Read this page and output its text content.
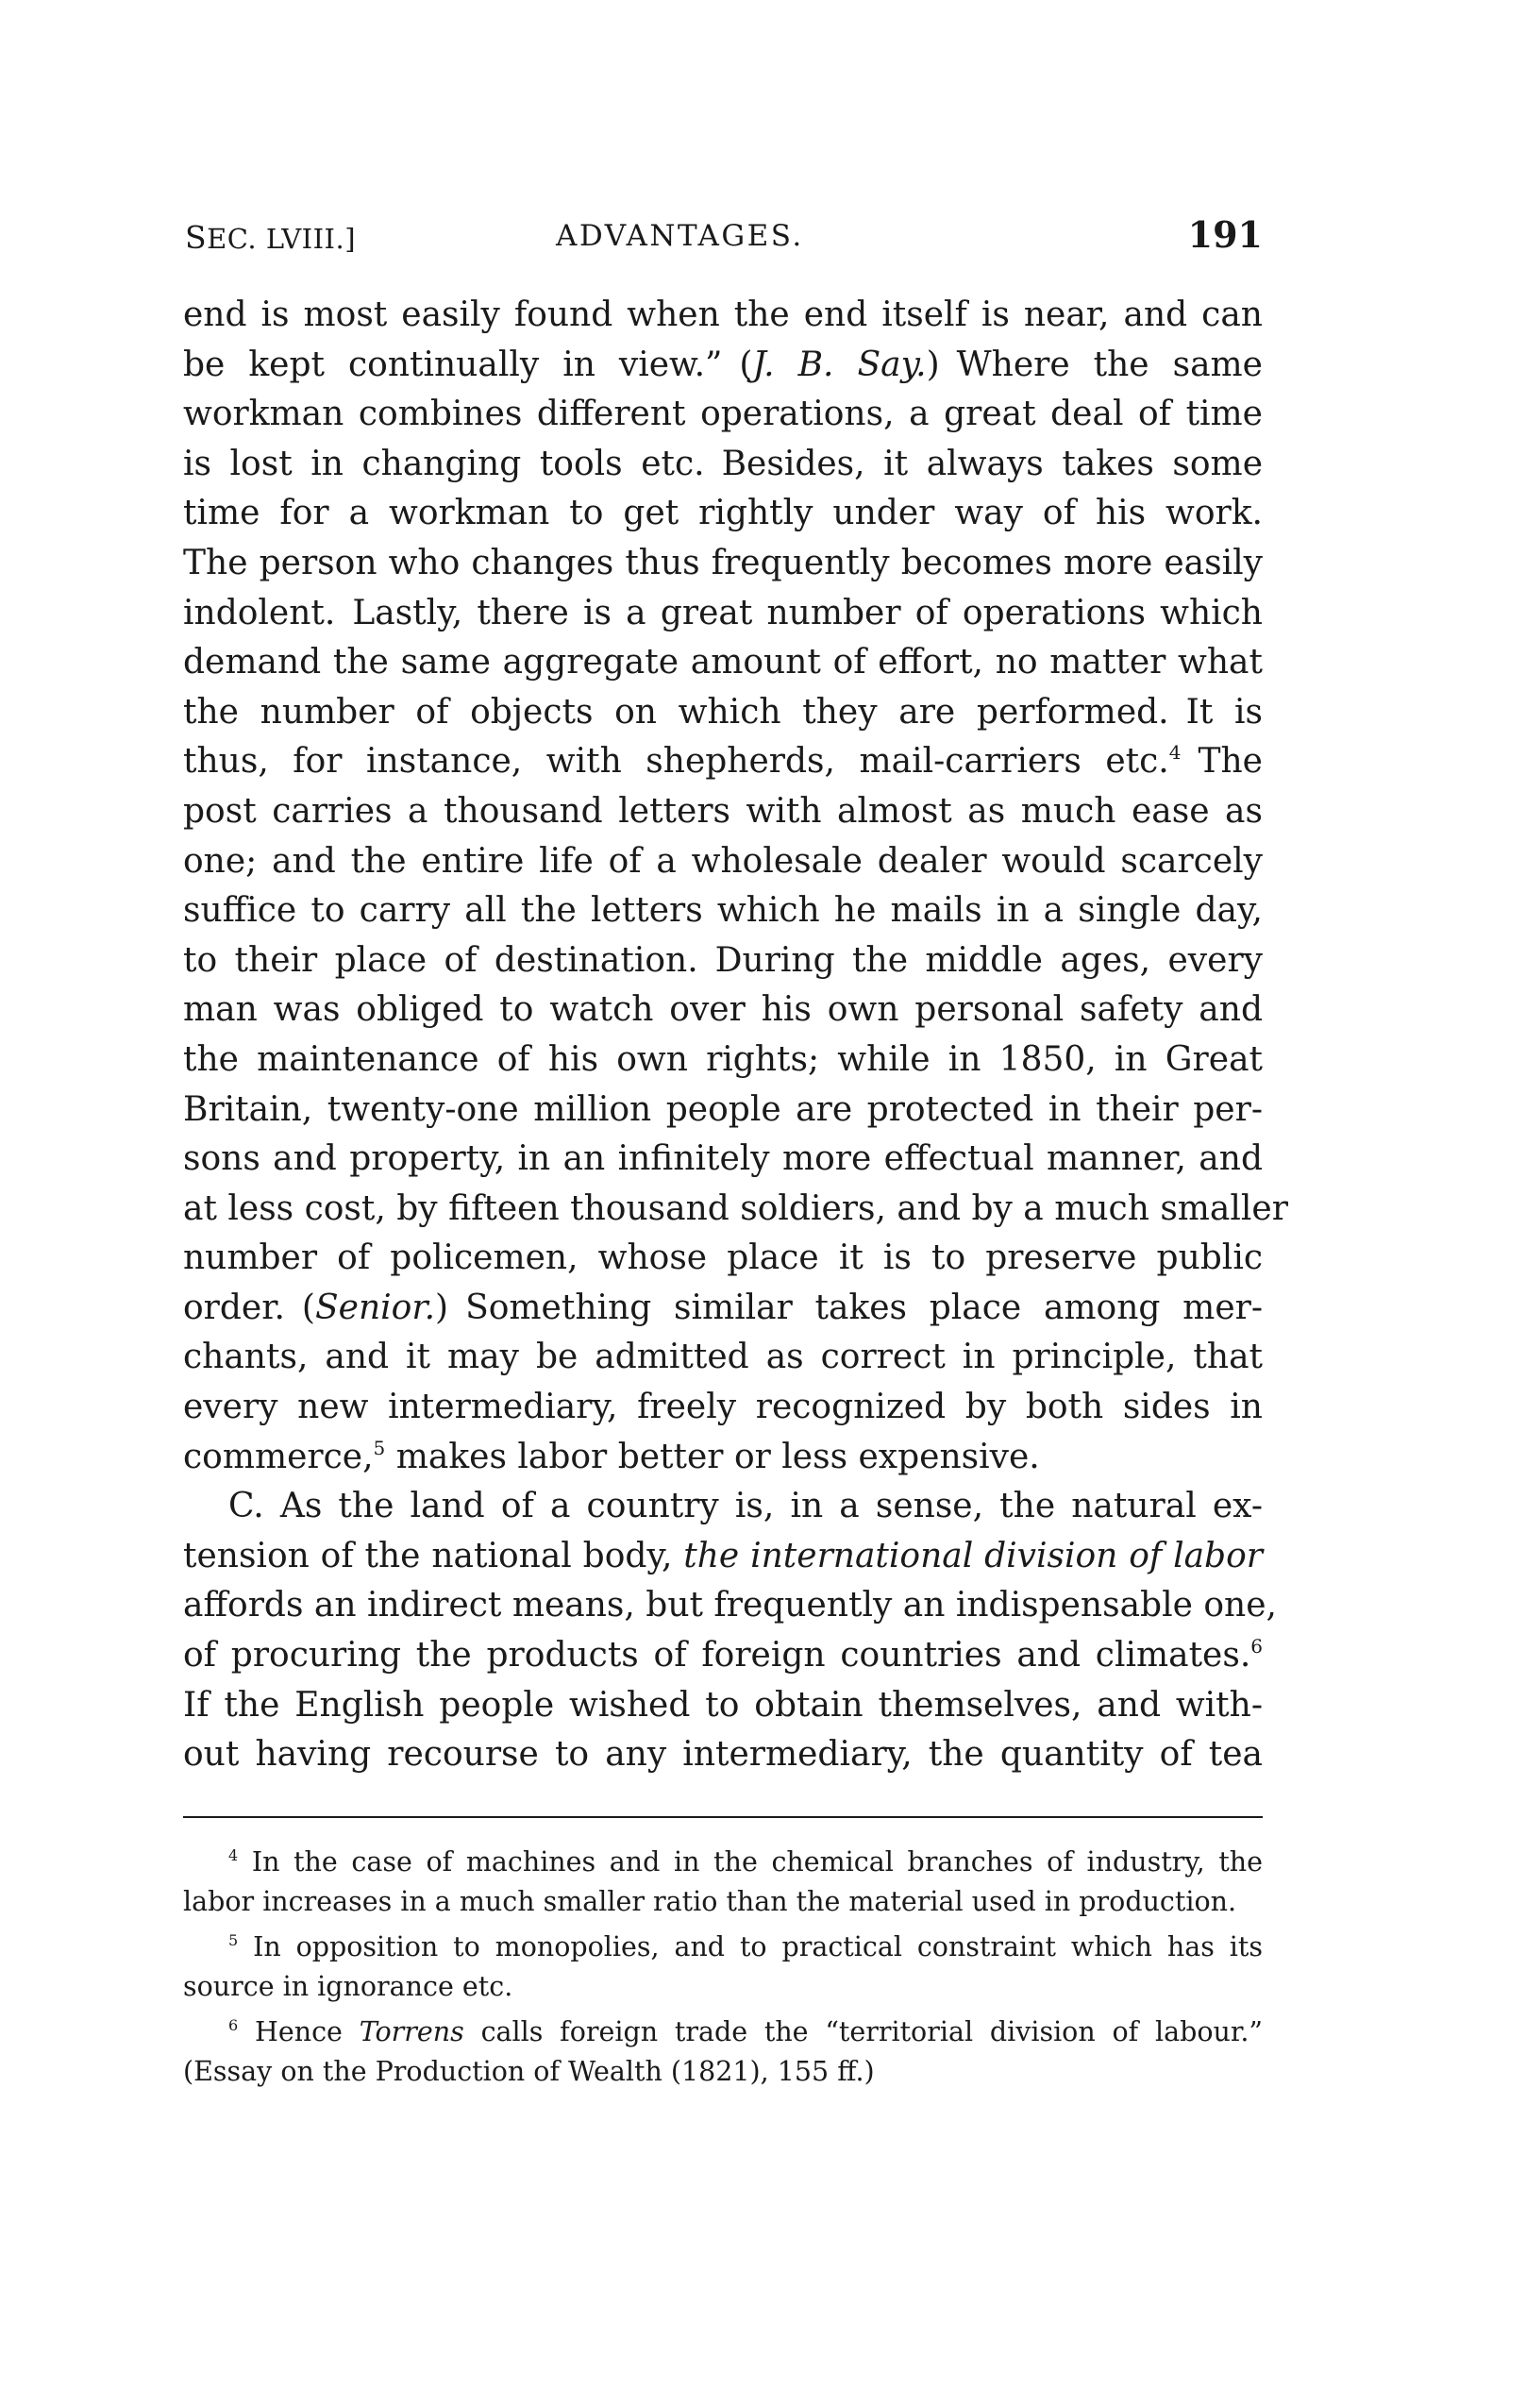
SEC. LVIII.]	ADVANTAGES.	191
end is most easily found when the end itself is near, and can
be kept continually in view.” (J. B. Say.) Where the same
workman combines different operations, a great deal of time
is lost in changing tools etc. Besides, it always takes some
time for a workman to get rightly under way of his work.
The person who changes thus frequently becomes more easily
indolent. Lastly, there is a great number of operations which
demand the same aggregate amount of effort, no matter what
the number of objects on which they are performed. It is
thus, for instance, with shepherds, mail-carriers etc.$^4$ The
post carries a thousand letters with almost as much ease as
one; and the entire life of a wholesale dealer would scarcely
suffice to carry all the letters which he mails in a single day,
to their place of destination. During the middle ages, every
man was obliged to watch over his own personal safety and
the maintenance of his own rights; while in 1850, in Great
Britain, twenty-one million people are protected in their per-
sons and property, in an infinitely more effectual manner, and
at less cost, by fifteen thousand soldiers, and by a much smaller
number of policemen, whose place it is to preserve public
order. (Senior.) Something similar takes place among mer-
chants, and it may be admitted as correct in principle, that
every new intermediary, freely recognized by both sides in
commerce,$^5$ makes labor better or less expensive.
C. As the land of a country is, in a sense, the natural ex-
tension of the national body, the international division of labor
affords an indirect means, but frequently an indispensable one,
of procuring the products of foreign countries and climates.$^6$
If the English people wished to obtain themselves, and with-
out having recourse to any intermediary, the quantity of tea
$^4$ In the case of machines and in the chemical branches of industry, the
labor increases in a much smaller ratio than the material used in production.
$^5$ In opposition to monopolies, and to practical constraint which has its
source in ignorance etc.
$^6$ Hence Torrens calls foreign trade the “territorial division of labour.”
(Essay on the Production of Wealth (1821), 155 ff.)
